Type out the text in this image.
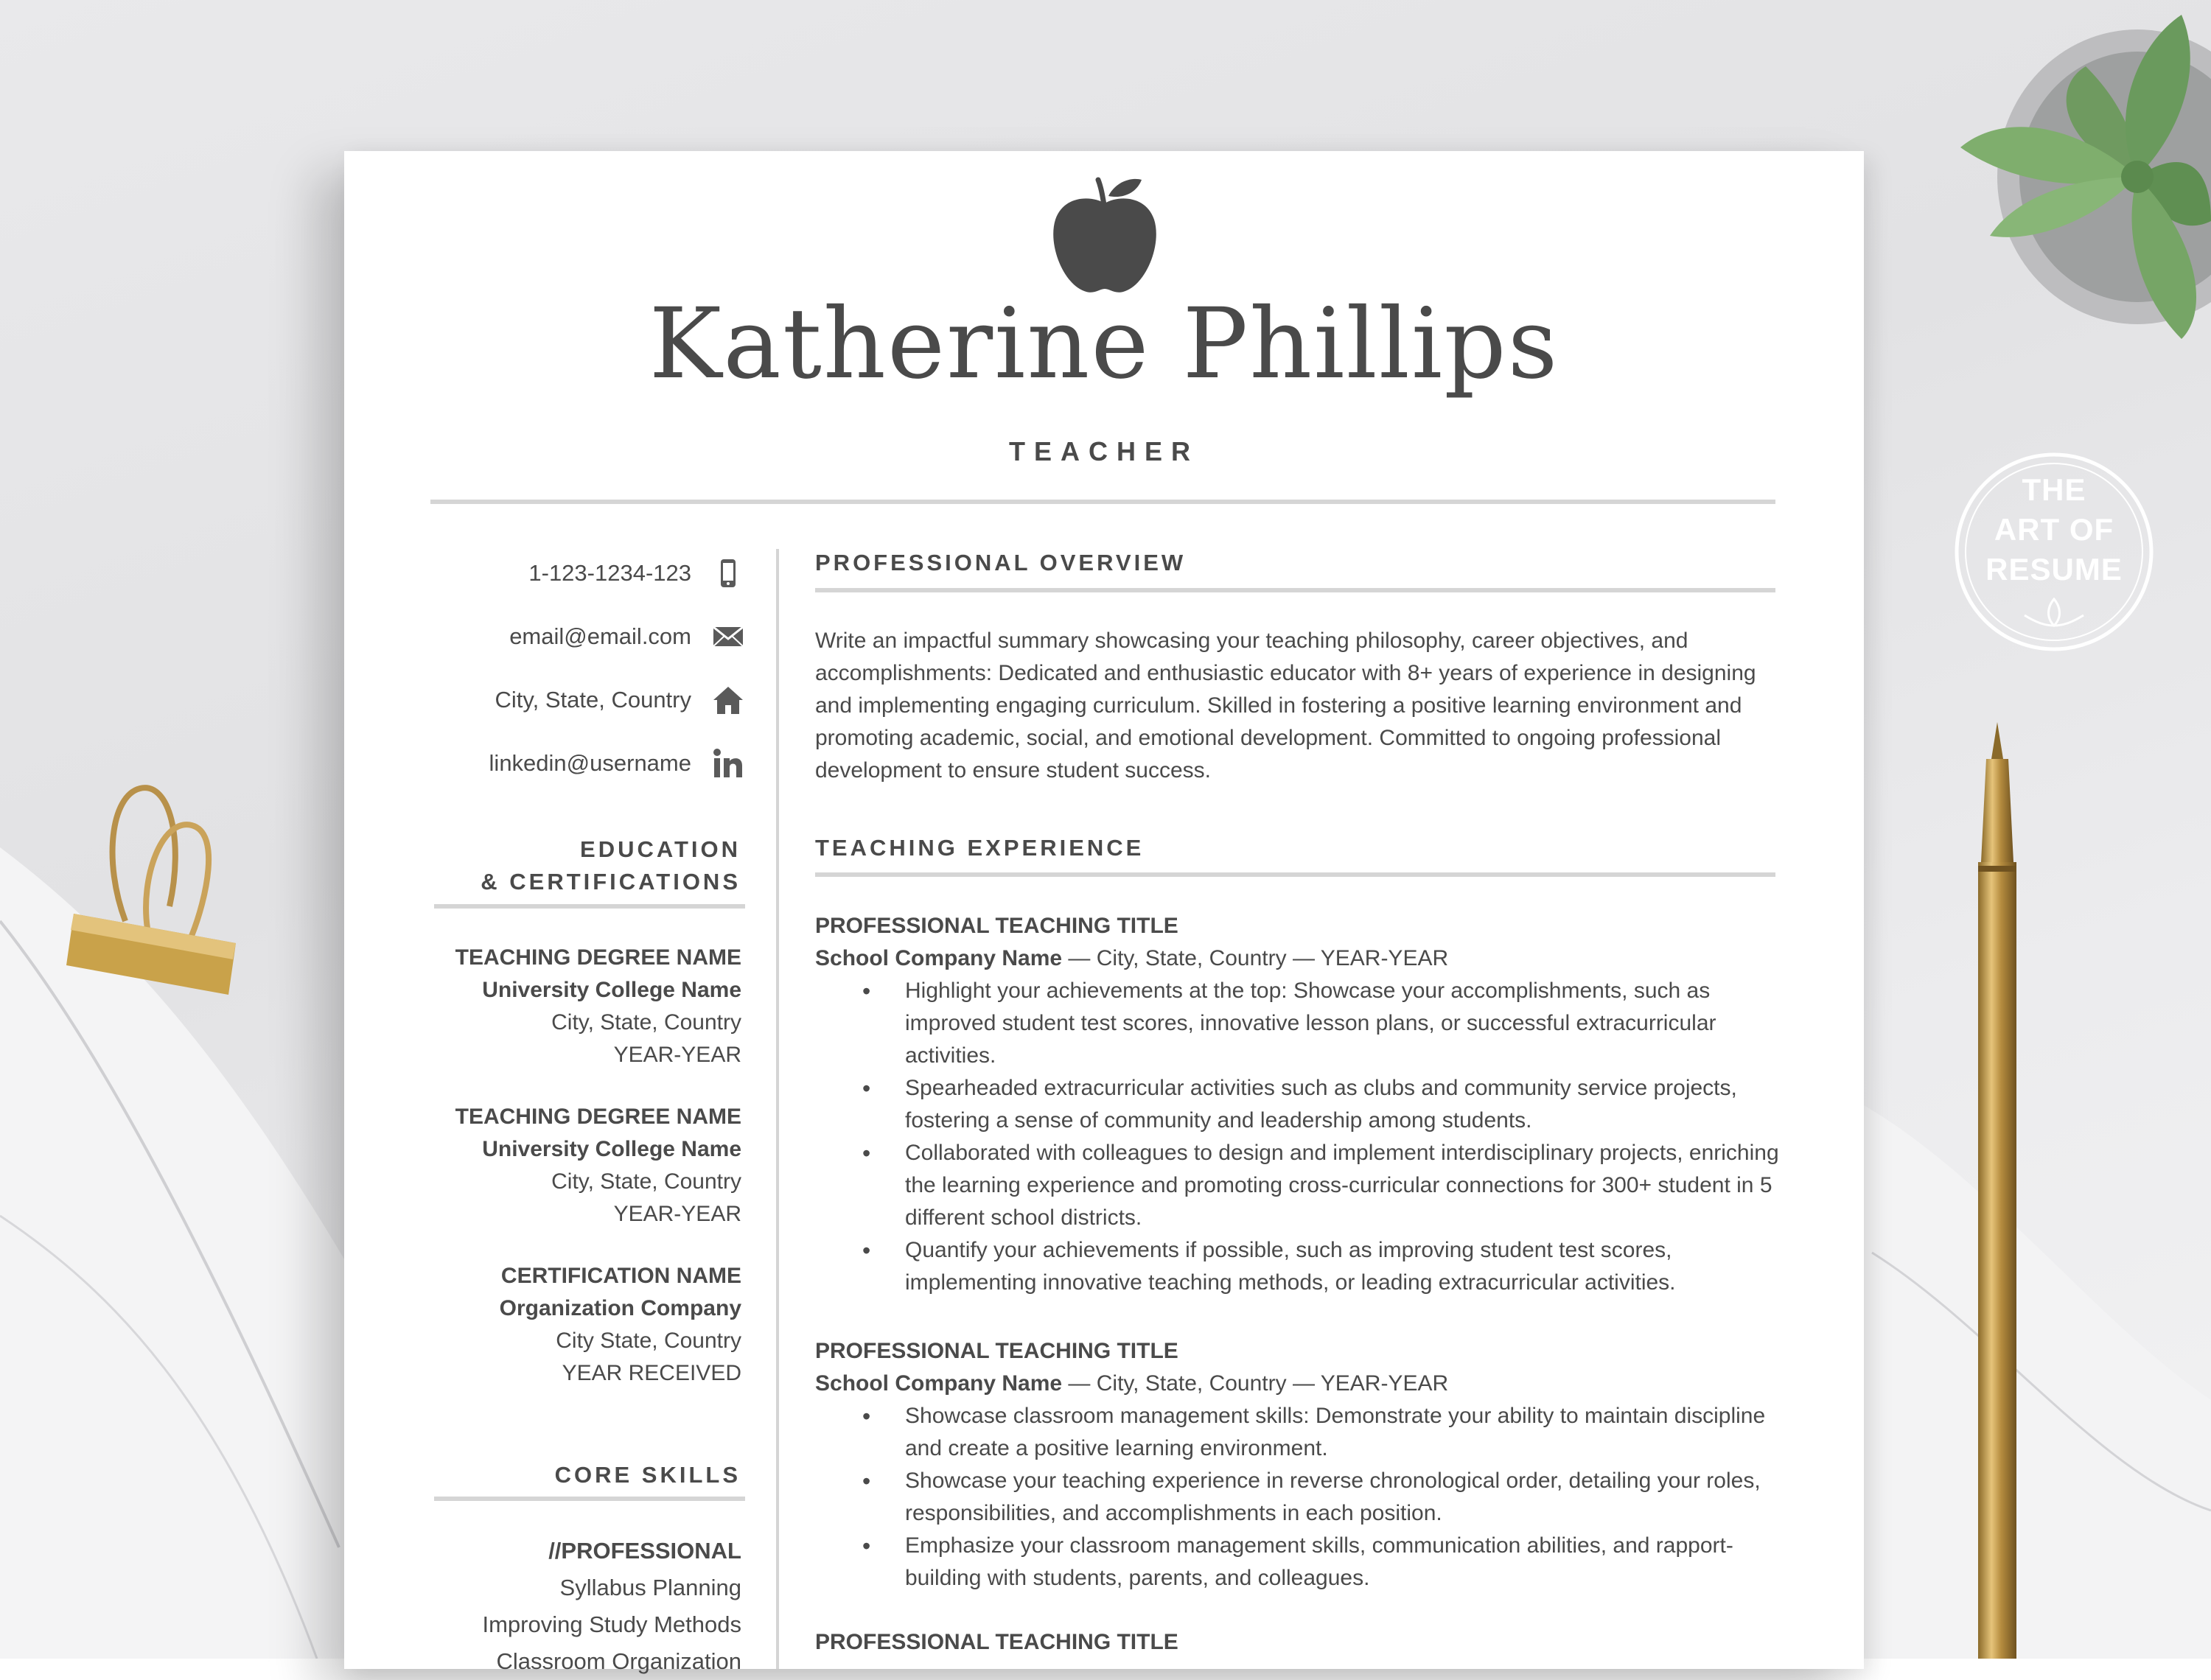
Katherine Phillips
TEACHER
1-123-1234-123
email@email.com
City, State, Country
linkedin@username
EDUCATION
& CERTIFICATIONS
TEACHING DEGREE NAME
University College Name
City, State, Country
YEAR-YEAR
TEACHING DEGREE NAME
University College Name
City, State, Country
YEAR-YEAR
CERTIFICATION NAME
Organization Company
City State, Country
YEAR RECEIVED
CORE SKILLS
//PROFESSIONAL
Syllabus Planning
Improving Study Methods
Classroom Organization
PROFESSIONAL OVERVIEW
Write an impactful summary showcasing your teaching philosophy, career objectives, and accomplishments: Dedicated and enthusiastic educator with 8+ years of experience in designing and implementing engaging curriculum. Skilled in fostering a positive learning environment and promoting academic, social, and emotional development. Committed to ongoing professional development to ensure student success.
TEACHING EXPERIENCE
PROFESSIONAL TEACHING TITLE
School Company Name — City, State, Country — YEAR-YEAR
• Highlight your achievements at the top: Showcase your accomplishments, such as improved student test scores, innovative lesson plans, or successful extracurricular activities.
• Spearheaded extracurricular activities such as clubs and community service projects, fostering a sense of community and leadership among students.
• Collaborated with colleagues to design and implement interdisciplinary projects, enriching the learning experience and promoting cross-curricular connections for 300+ student in 5 different school districts.
• Quantify your achievements if possible, such as improving student test scores, implementing innovative teaching methods, or leading extracurricular activities.
PROFESSIONAL TEACHING TITLE
School Company Name — City, State, Country — YEAR-YEAR
• Showcase classroom management skills: Demonstrate your ability to maintain discipline and create a positive learning environment.
• Showcase your teaching experience in reverse chronological order, detailing your roles, responsibilities, and accomplishments in each position.
• Emphasize your classroom management skills, communication abilities, and rapport-building with students, parents, and colleagues.
PROFESSIONAL TEACHING TITLE
THE
ART OF
RESUME
